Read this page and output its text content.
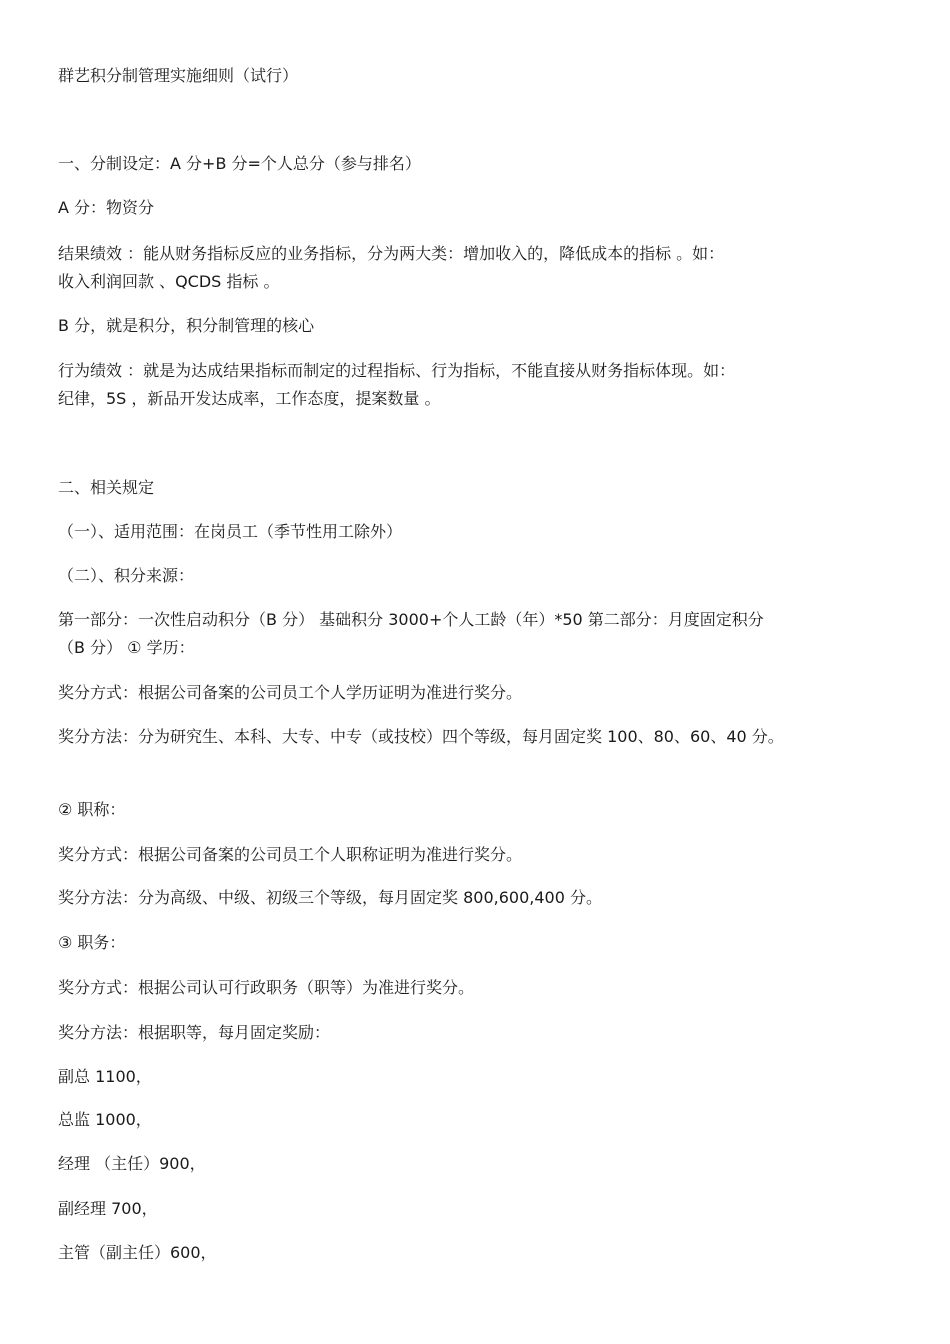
群艺积分制管理实施细则（试行）
一、分制设定：A 分+B 分=个人总分（参与排名）
A 分：物资分
结果绩效 ：能从财务指标反应的业务指标，分为两大类：增加收入的，降低成本的指标 。如：
收入利润回款 、QCDS 指标 。
B 分，就是积分，积分制管理的核心
行为绩效 ：就是为达成结果指标而制定的过程指标、行为指标，不能直接从财务指标体现。如：
纪律，5S ，新品开发达成率，工作态度，提案数量 。
二、相关规定
（一）、适用范围：在岗员工（季节性用工除外）
（二）、积分来源：
第一部分：一次性启动积分（B 分） 基础积分 3000+个人工龄（年）*50 第二部分：月度固定积分
（B 分） ① 学历：
奖分方式：根据公司备案的公司员工个人学历证明为准进行奖分。
奖分方法：分为研究生、本科、大专、中专（或技校）四个等级，每月固定奖 100、80、60、40 分。
② 职称：
奖分方式：根据公司备案的公司员工个人职称证明为准进行奖分。
奖分方法：分为高级、中级、初级三个等级，每月固定奖 800,600,400 分。
③ 职务：
奖分方式：根据公司认可行政职务（职等）为准进行奖分。
奖分方法：根据职等，每月固定奖励：
副总 1100，
总监 1000，
经理 （主任）900，
副经理 700，
主管（副主任）600，
